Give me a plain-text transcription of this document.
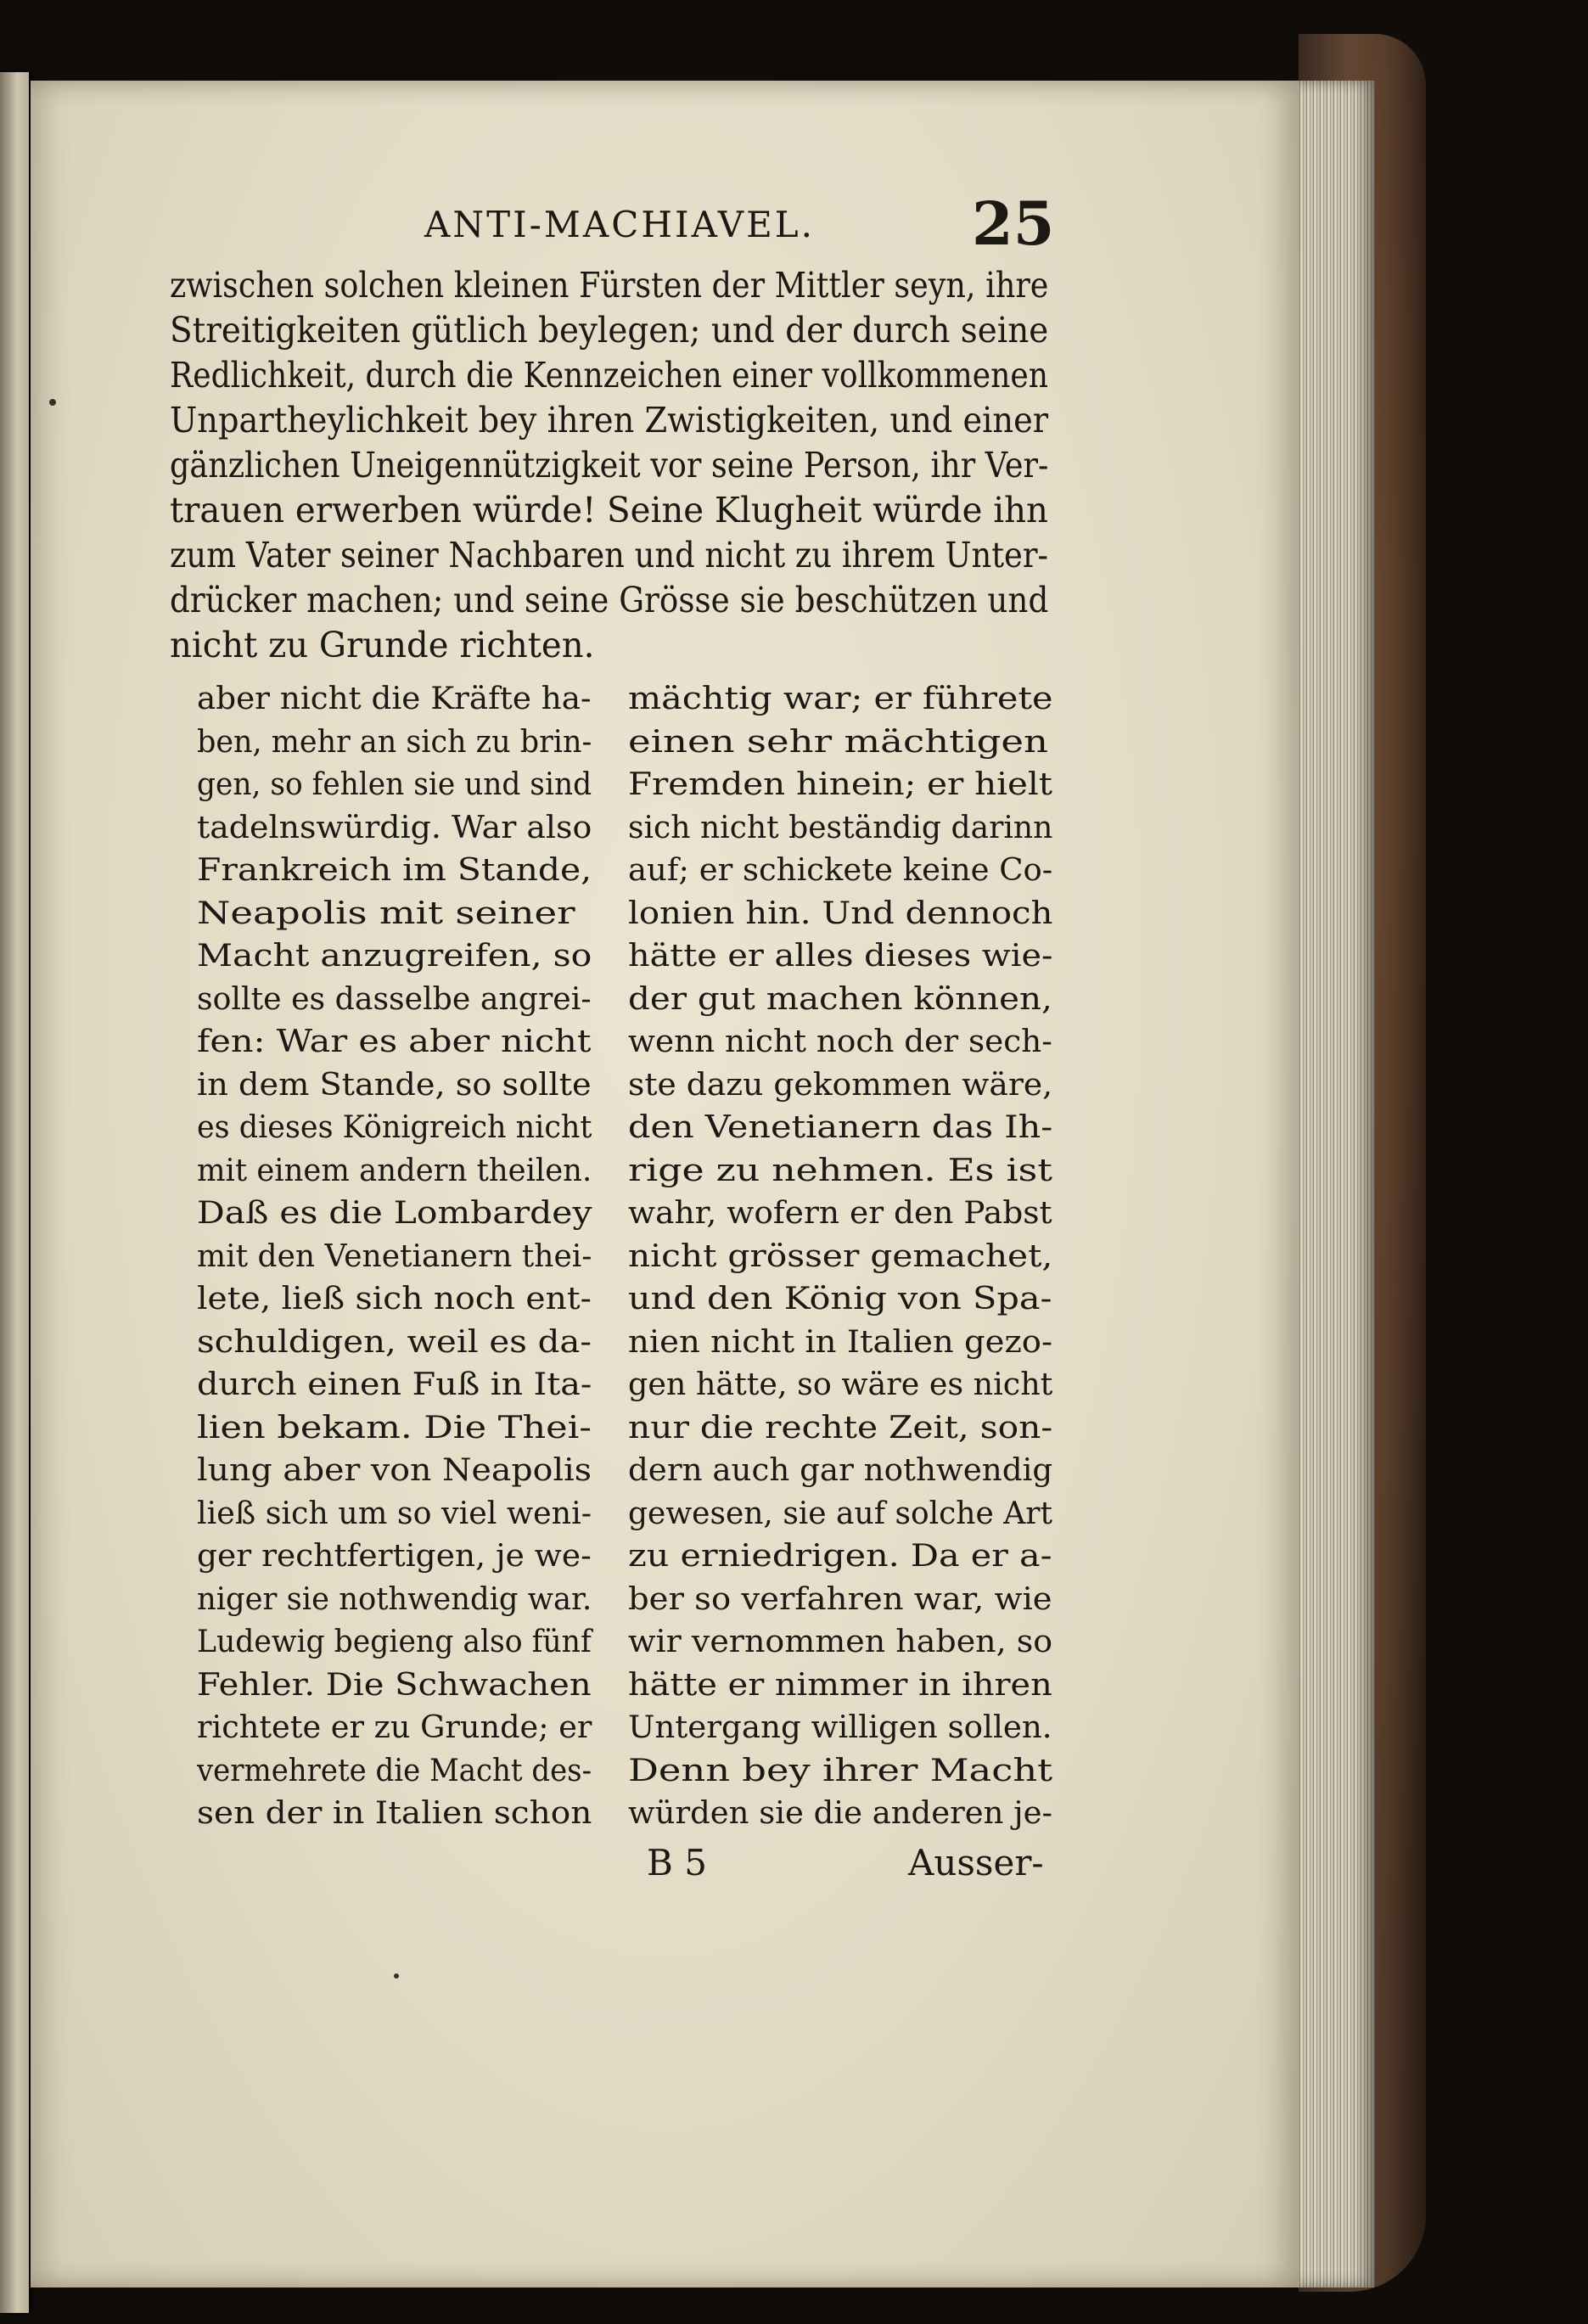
ANTI-MACHIAVEL.	25
zwischen solchen kleinen Fürsten der Mittler seyn, ihre
Streitigkeiten gütlich beylegen; und der durch seine
Redlichkeit, durch die Kennzeichen einer vollkommenen
Unpartheylichkeit bey ihren Zwistigkeiten, und einer
gänzlichen Uneigennützigkeit vor seine Person, ihr Ver-
trauen erwerben würde! Seine Klugheit würde ihn
zum Vater seiner Nachbaren und nicht zu ihrem Unter-
drücker machen; und seine Grösse sie beschützen und
nicht zu Grunde richten.
aber nicht die Kräfte ha-
ben, mehr an sich zu brin-
gen, so fehlen sie und sind
tadelnswürdig. War also
Frankreich im Stande,
Neapolis mit seiner
Macht anzugreifen, so
sollte es dasselbe angrei-
fen: War es aber nicht
in dem Stande, so sollte
es dieses Königreich nicht
mit einem andern theilen.
Daß es die Lombardey
mit den Venetianern thei-
lete, ließ sich noch ent-
schuldigen, weil es da-
durch einen Fuß in Ita-
lien bekam. Die Thei-
lung aber von Neapolis
ließ sich um so viel weni-
ger rechtfertigen, je we-
niger sie nothwendig war.
Ludewig begieng also fünf
Fehler. Die Schwachen
richtete er zu Grunde; er
vermehrete die Macht des-
sen der in Italien schon
mächtig war; er führete
einen sehr mächtigen
Fremden hinein; er hielt
sich nicht beständig darinn
auf; er schickete keine Co-
lonien hin. Und dennoch
hätte er alles dieses wie-
der gut machen können,
wenn nicht noch der sech-
ste dazu gekommen wäre,
den Venetianern das Ih-
rige zu nehmen. Es ist
wahr, wofern er den Pabst
nicht grösser gemachet,
und den König von Spa-
nien nicht in Italien gezo-
gen hätte, so wäre es nicht
nur die rechte Zeit, son-
dern auch gar nothwendig
gewesen, sie auf solche Art
zu erniedrigen. Da er a-
ber so verfahren war, wie
wir vernommen haben, so
hätte er nimmer in ihren
Untergang willigen sollen.
Denn bey ihrer Macht
würden sie die anderen je-
B 5	Ausser-
